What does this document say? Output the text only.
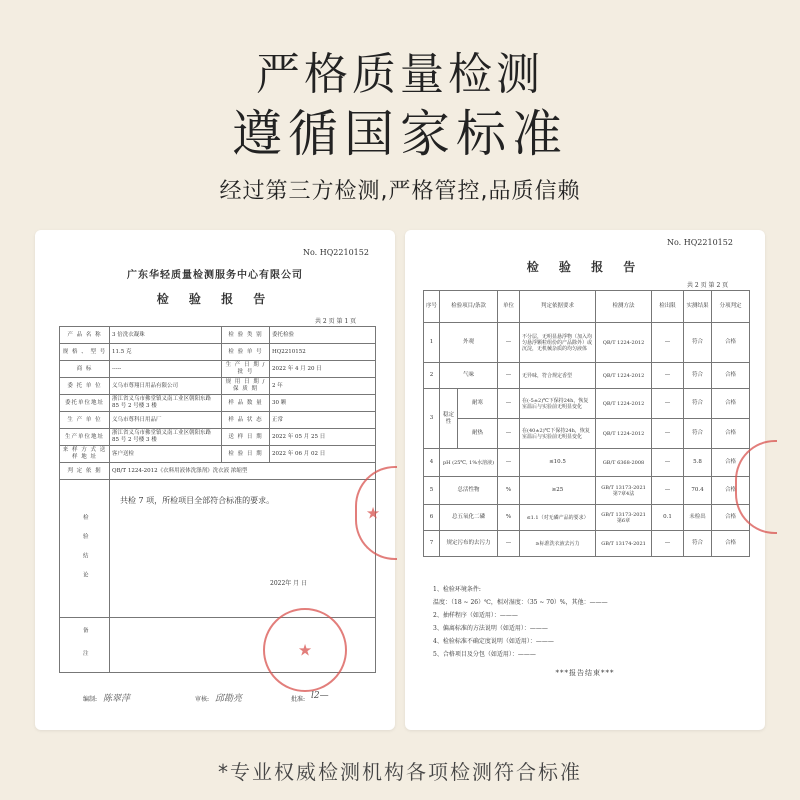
严格质量检测
遵循国家标准
经过第三方检测,严格管控,品质信赖
No. HQ2210152
广东华轻质量检测服务中心有限公司
检 验 报 告
共 2 页 第 1 页
产 品 名 称	3 倍洗衣凝珠	检 验 类 别	委托检验
规 格 、 型 号	11.5 克	检 验 单 号	HQ2210152
商 标	-----	生 产 日 期 / 批 号	2022 年 4 月 20 日
委 托 单 位	义乌市尊翔日用品有限公司	规 用 日 期 / 保 质 期	2 年
委托单位地址	浙江省义乌市佛堂镇义南工业区朝阳东路 85 号 2 号楼 3 楼	样 品 数 量	30 颗
生 产 单 位	义乌市尊科日用品厂	样 品 状 态	正常
生产单位地址	浙江省义乌市佛堂镇义南工业区朝阳东路 85 号 2 号楼 3 楼	送 样 日 期	2022 年 05 月 25 日
来 样 方 式 送 样 地 址	客户送检	检 验 日 期	2022 年 06 月 02 日
判 定 依 据	QB/T 1224-2012《衣料用液体洗涤剂》洗衣液 浓缩型		
检 验 结 论	共检 7 项，所检项目全部符合标准的要求。
2022年 月 日		

备 注				★
★
编制: 陈翠萍	审核: 邱勘亮	批准: l2—
No. HQ2210152
检 验 报 告
共 2 页 第 2 页
序号	检验项目/条款		单位	判定依据要求	检测方法	检出限	实测结果	分项判定
1	外观		—	不分层，无明显悬浮物（加入均匀悬浮颗粒组份的产品除外）或沉淀，无机械杂质的均匀液体	QB/T 1224-2012	—	符合	合格
2	气味		—	无异味，符合规定香型	QB/T 1224-2012	—	符合	合格
3	稳定性	耐寒	—	在(-5±2)℃下保持24h，恢复室温后与实验前无明显变化	QB/T 1224-2012	—	符合	合格
		耐热	—	在(40±2)℃下保持24h，恢复室温后与实验前无明显变化	QB/T 1224-2012	—	符合	合格
4	pH (25℃, 1%水溶液)		—	≤10.5	GB/T 6368-2008	—	5.8	合格
5	总活性物		%	≥25	GB/T 13173-2021 第7章4法	—	70.4	合格
6	总五氧化二磷		%	≤1.1（对无磷产品的要求）	GB/T 13173-2021 第6章	0.1	未检出	合格
7	规定污布的去污力		—	≥标准洗衣液去污力	GB/T 13174-2021	—	符合	合格
1、检验环境条件:
温度：（18 ~ 26）℃，相对湿度：（35 ~ 70）%，其他：———
2、抽样程序（如适用）：———
3、偏离标准的方法说明（如适用）：———
4、检验标准不确定度说明（如适用）：———
5、合格项目及分包（如适用）：———
***报告结束***
*专业权威检测机构各项检测符合标准
